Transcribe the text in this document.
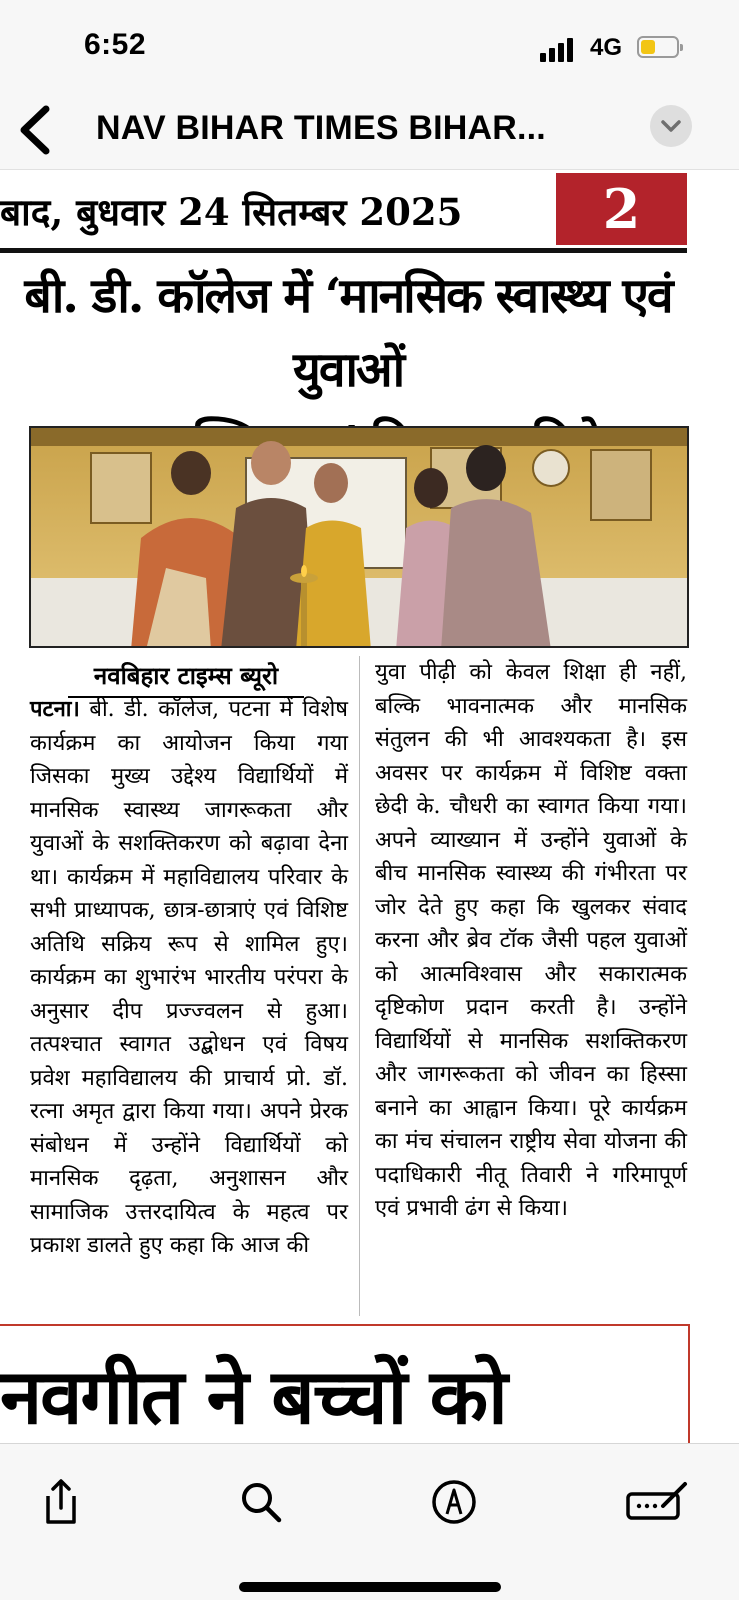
6:52	4G
NAV BIHAR TIMES BIHAR...
बाद, बुधवार 24 सितम्बर 2025	2
बी. डी. कॉलेज में ‘मानसिक स्वास्थ्य एवं युवाओं
नवबिहार टाइम्स ब्यूरो
पटना। बी. डी. कॉलेज, पटना में विशेष कार्यक्रम का आयोजन किया गया जिसका मुख्य उद्देश्य विद्यार्थियों में मानसिक स्वास्थ्य जागरूकता और युवाओं के सशक्तिकरण को बढ़ावा देना था। कार्यक्रम में महाविद्यालय परिवार के सभी प्राध्यापक, छात्र-छात्राएं एवं विशिष्ट अतिथि सक्रिय रूप से शामिल हुए। कार्यक्रम का शुभारंभ भारतीय परंपरा के अनुसार दीप प्रज्ज्वलन से हुआ। तत्पश्चात स्वागत उद्बोधन एवं विषय प्रवेश महाविद्यालय की प्राचार्य प्रो. डॉ. रत्ना अमृत द्वारा किया गया। अपने प्रेरक संबोधन में उन्होंने विद्यार्थियों को मानसिक दृढ़ता, अनुशासन और सामाजिक उत्तरदायित्व के महत्व पर प्रकाश डालते हुए कहा कि आज की
युवा पीढ़ी को केवल शिक्षा ही नहीं, बल्कि भावनात्मक और मानसिक संतुलन की भी आवश्यकता है। इस अवसर पर कार्यक्रम में विशिष्ट वक्ता छेदी के. चौधरी का स्वागत किया गया। अपने व्याख्यान में उन्होंने युवाओं के बीच मानसिक स्वास्थ्य की गंभीरता पर जोर देते हुए कहा कि खुलकर संवाद करना और ब्रेव टॉक जैसी पहल युवाओं को आत्मविश्वास और सकारात्मक दृष्टिकोण प्रदान करती है। उन्होंने विद्यार्थियों से मानसिक सशक्तिकरण और जागरूकता को जीवन का हिस्सा बनाने का आह्वान किया। पूरे कार्यक्रम का मंच संचालन राष्ट्रीय सेवा योजना की पदाधिकारी नीतू तिवारी ने गरिमापूर्ण एवं प्रभावी ढंग से किया।
नवगीत ने बच्चों को
